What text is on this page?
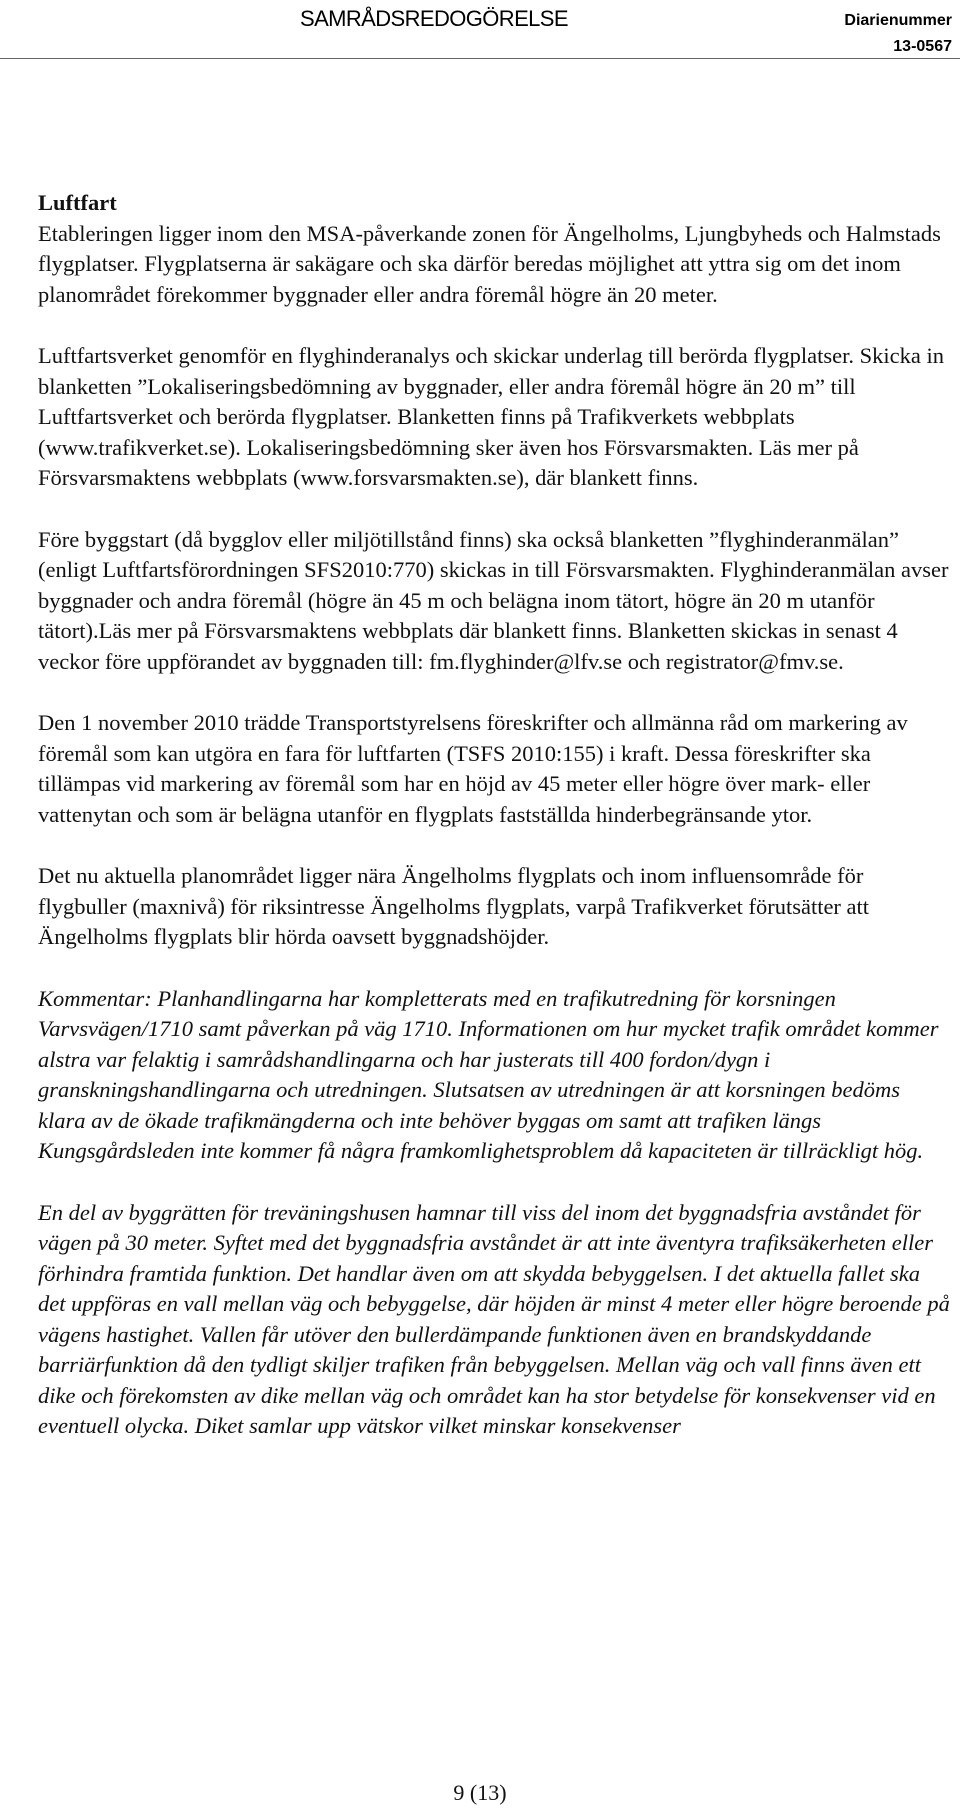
SAMRÅDSREDOGÖRELSE	Diarienummer
13-0567

Luftfart

Etableringen ligger inom den MSA-påverkande zonen för Ängelholms, Ljungbyheds och Halmstads flygplatser. Flygplatserna är sakägare och ska därför beredas möjlighet att yttra sig om det inom planområdet förekommer byggnader eller andra föremål högre än 20 meter.

Luftfartsverket genomför en flyghinderanalys och skickar underlag till berörda flygplatser. Skicka in blanketten ”Lokaliseringsbedömning av byggnader, eller andra föremål högre än 20 m” till Luftfartsverket och berörda flygplatser. Blanketten finns på Trafikverkets webbplats (www.trafikverket.se). Lokaliseringsbedömning sker även hos Försvarsmakten. Läs mer på Försvarsmaktens webbplats (www.forsvarsmakten.se), där blankett finns.

Före byggstart (då bygglov eller miljötillstånd finns) ska också blanketten ”flyghinderanmälan” (enligt Luftfartsförordningen SFS2010:770) skickas in till Försvarsmakten. Flyghinderanmälan avser byggnader och andra föremål (högre än 45 m och belägna inom tätort, högre än 20 m utanför tätort).Läs mer på Försvarsmaktens webbplats där blankett finns. Blanketten skickas in senast 4 veckor före uppförandet av byggnaden till: fm.flyghinder@lfv.se och registrator@fmv.se.

Den 1 november 2010 trädde Transportstyrelsens föreskrifter och allmänna råd om markering av föremål som kan utgöra en fara för luftfarten (TSFS 2010:155) i kraft. Dessa föreskrifter ska tillämpas vid markering av föremål som har en höjd av 45 meter eller högre över mark- eller vattenytan och som är belägna utanför en flygplats fastställda hinderbegränsande ytor.

Det nu aktuella planområdet ligger nära Ängelholms flygplats och inom influensområde för flygbuller (maxnivå) för riksintresse Ängelholms flygplats, varpå Trafikverket förutsätter att Ängelholms flygplats blir hörda oavsett byggnadshöjder.

Kommentar: Planhandlingarna har kompletterats med en trafikutredning för korsningen Varvsvägen/1710 samt påverkan på väg 1710. Informationen om hur mycket trafik området kommer alstra var felaktig i samrådshandlingarna och har justerats till 400 fordon/dygn i granskningshandlingarna och utredningen. Slutsatsen av utredningen är att korsningen bedöms klara av de ökade trafikmängderna och inte behöver byggas om samt att trafiken längs Kungsgårdsleden inte kommer få några framkomlighetsproblem då kapaciteten är tillräckligt hög.

En del av byggrätten för treväningshusen hamnar till viss del inom det byggnadsfria avståndet för vägen på 30 meter. Syftet med det byggnadsfria avståndet är att inte äventyra trafiksäkerheten eller förhindra framtida funktion. Det handlar även om att skydda bebyggelsen. I det aktuella fallet ska det uppföras en vall mellan väg och bebyggelse, där höjden är minst 4 meter eller högre beroende på vägens hastighet. Vallen får utöver den bullerdämpande funktionen även en brandskyddande barriärfunktion då den tydligt skiljer trafiken från bebyggelsen. Mellan väg och vall finns även ett dike och förekomsten av dike mellan väg och området kan ha stor betydelse för konsekvenser vid en eventuell olycka. Diket samlar upp vätskor vilket minskar konsekvenser

9 (13)
